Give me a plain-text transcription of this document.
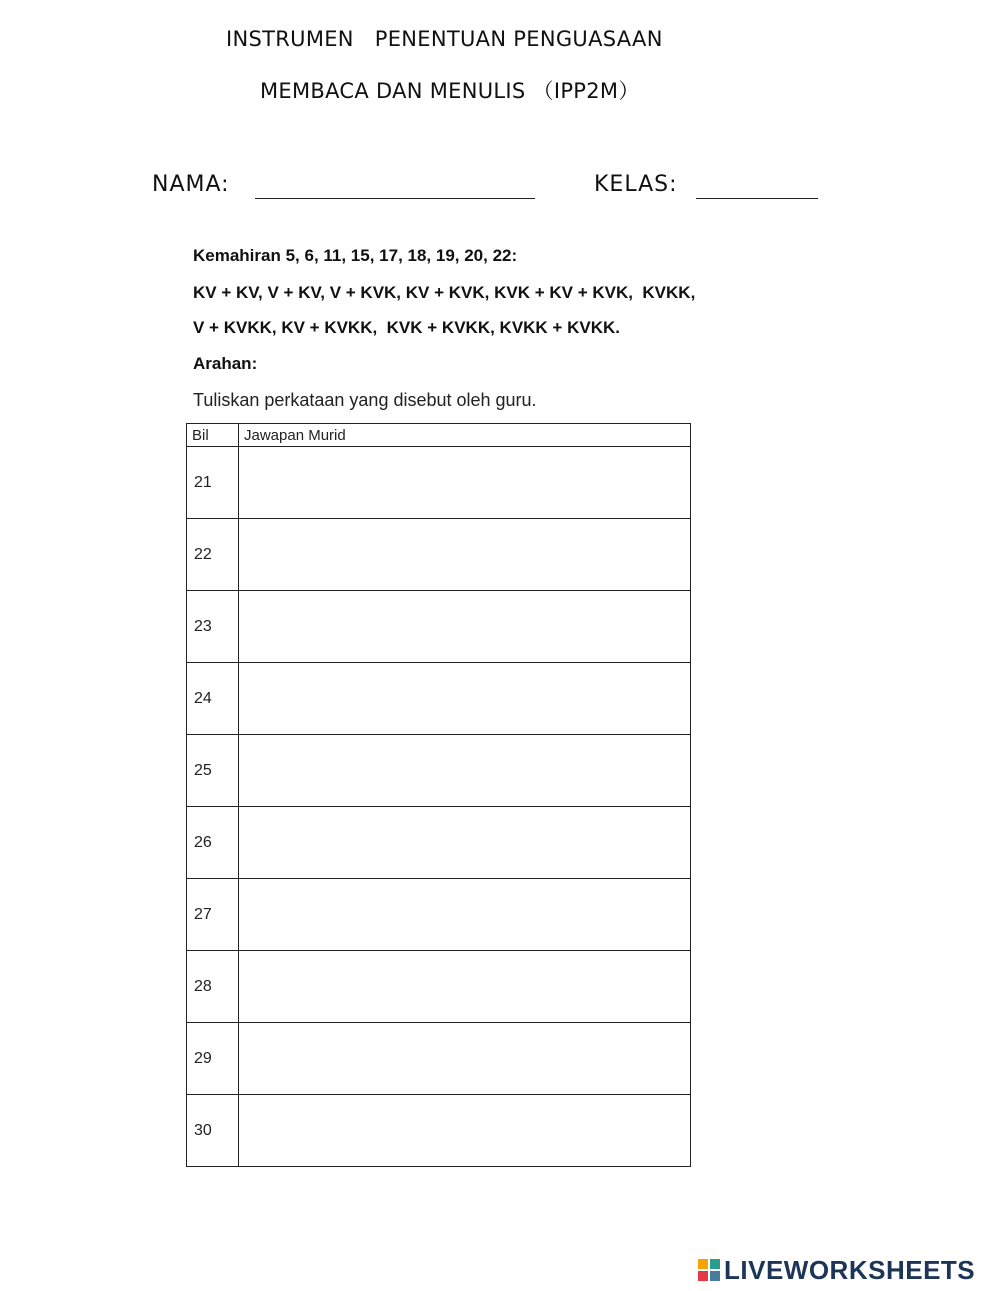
INSTRUMEN   PENENTUAN PENGUASAAN
MEMBACA DAN MENULIS （IPP2M）
NAMA:	KELAS:
Kemahiran 5, 6, 11, 15, 17, 18, 19, 20, 22:
KV + KV, V + KV, V + KVK, KV + KVK, KVK + KV + KVK,  KVKK,
V + KVKK, KV + KVKK,  KVK + KVKK, KVKK + KVKK.
Arahan:
Tuliskan perkataan yang disebut oleh guru.
Bil	Jawapan Murid
21	
22	
23	
24	
25	
26	
27	
28	
29	
30	
LIVEWORKSHEETS
